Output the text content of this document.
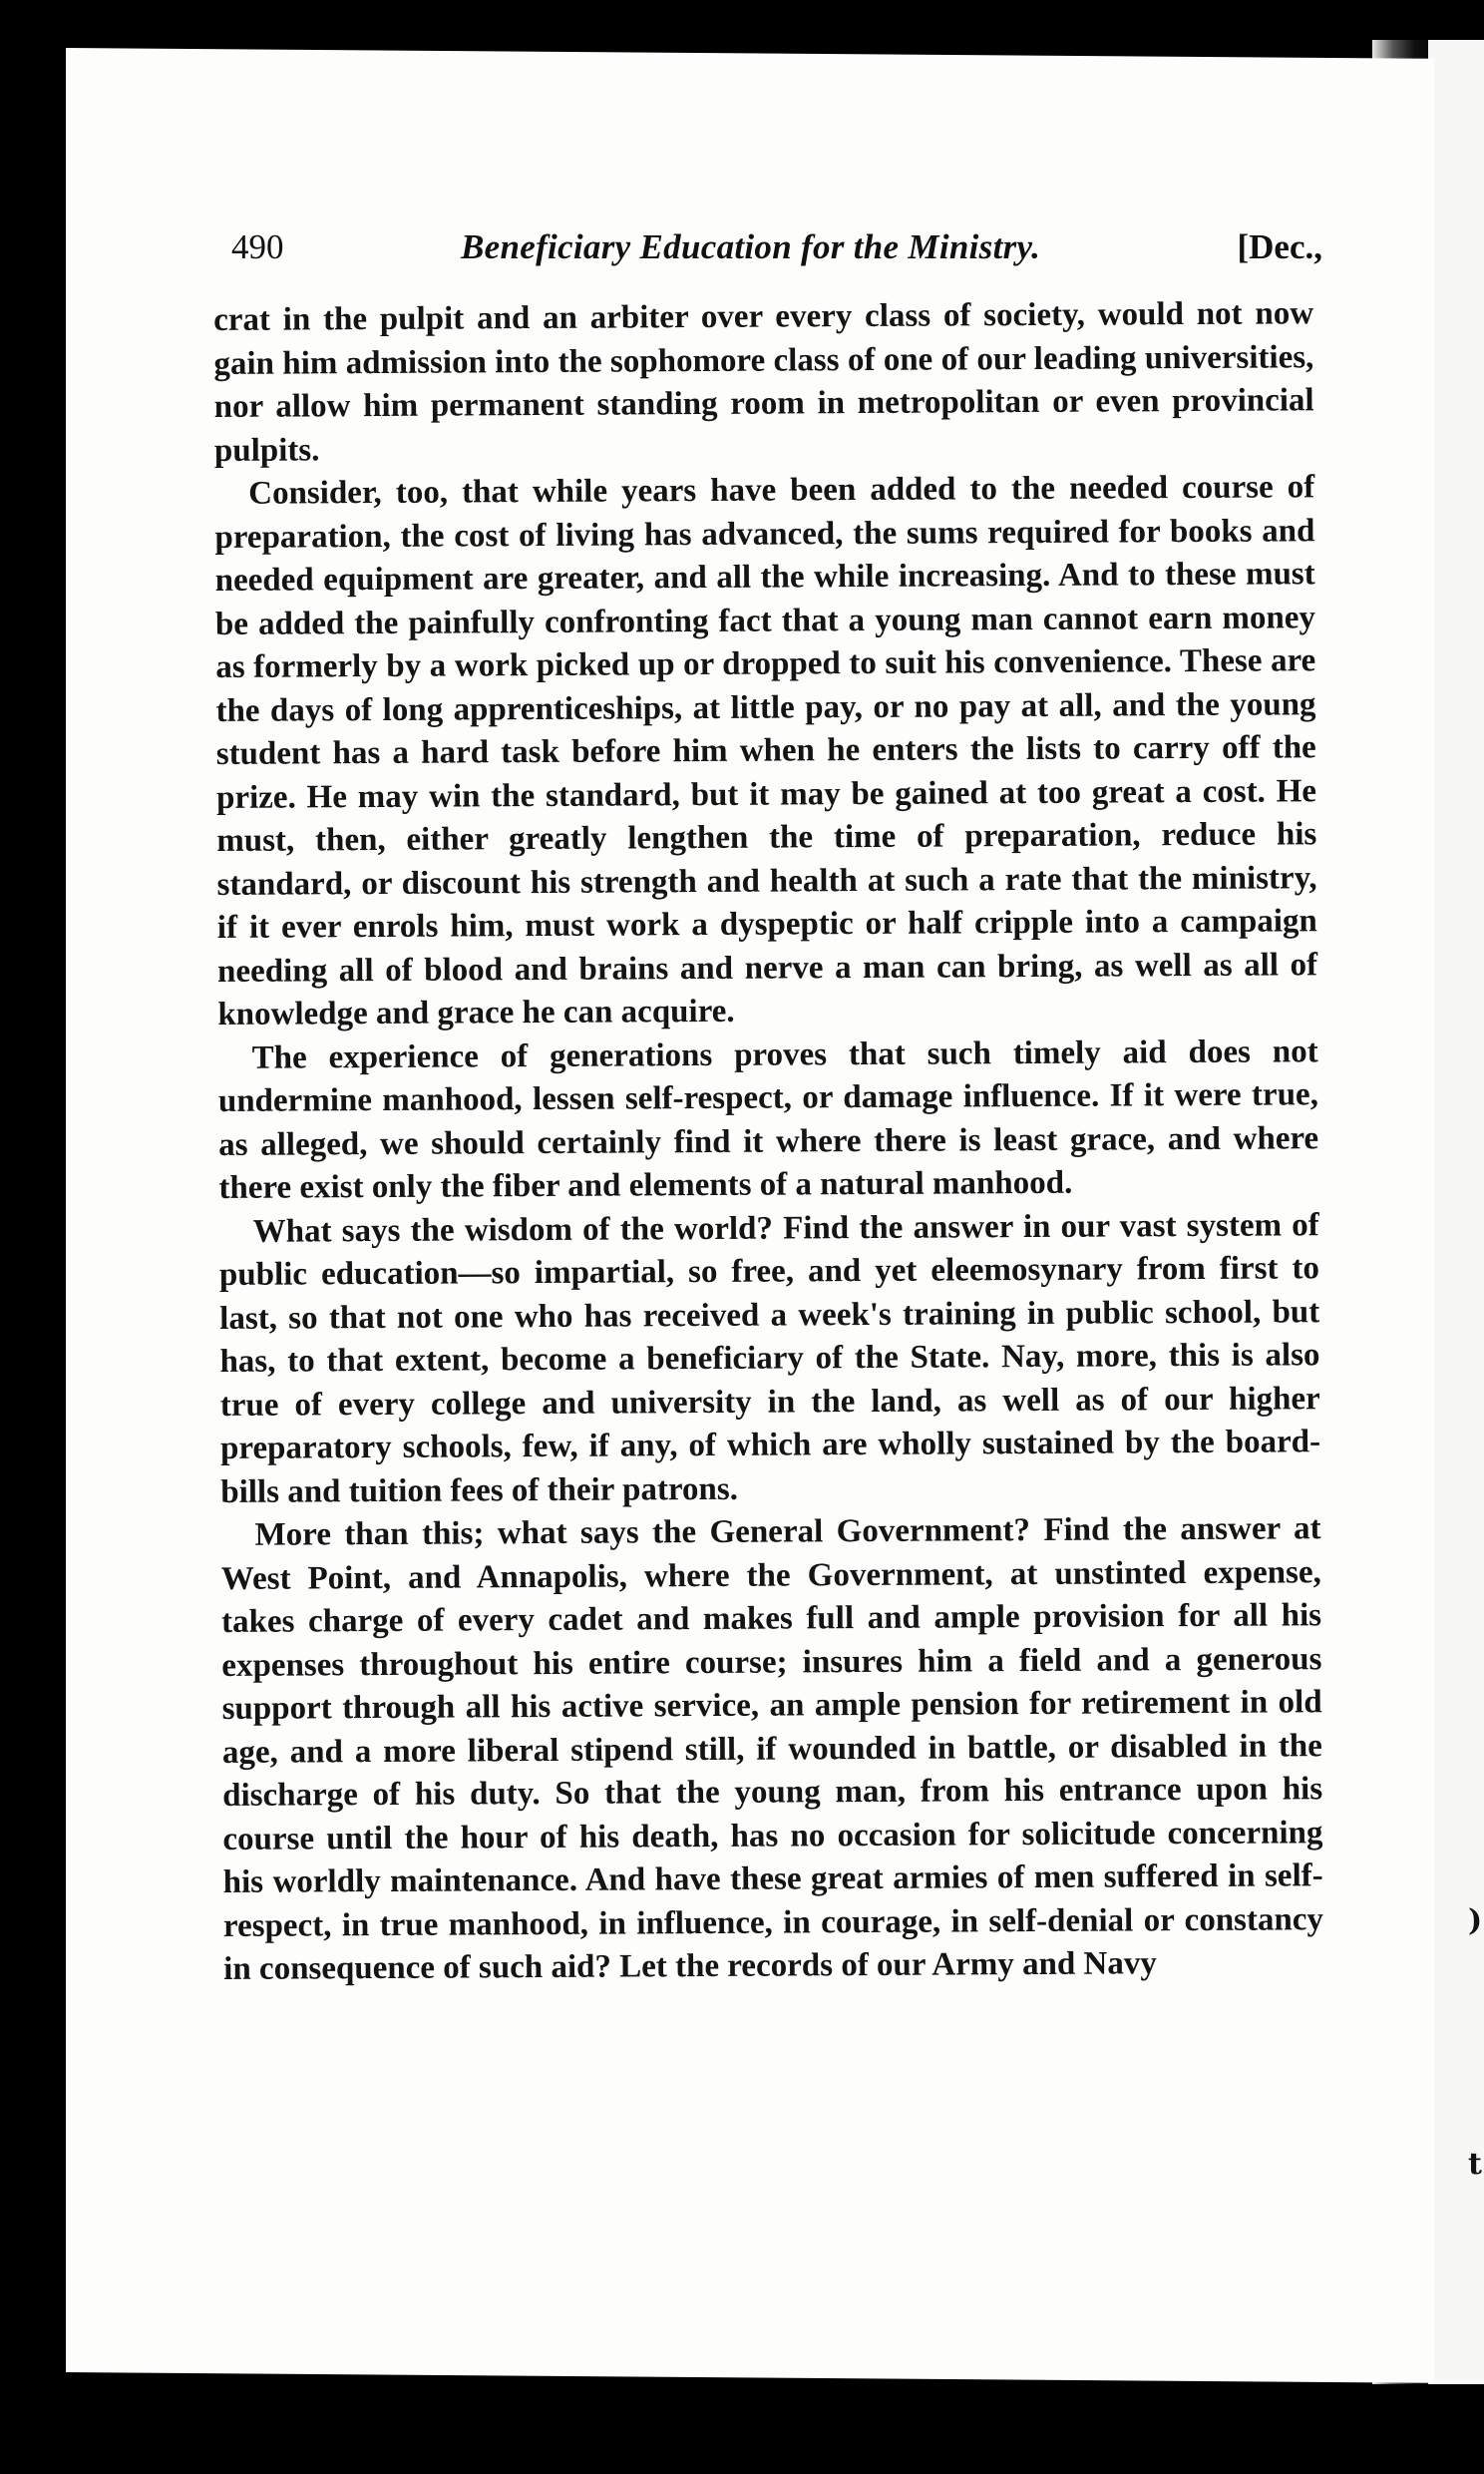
)
t
490	Beneficiary Education for the Ministry.	[Dec.,

crat in the pulpit and an arbiter over every class of society, would not now gain him admission into the sophomore class of one of our leading universities, nor allow him permanent standing room in metropolitan or even provincial pulpits.

Consider, too, that while years have been added to the needed course of preparation, the cost of living has advanced, the sums required for books and needed equipment are greater, and all the while increasing. And to these must be added the painfully confronting fact that a young man cannot earn money as formerly by a work picked up or dropped to suit his convenience. These are the days of long apprenticeships, at little pay, or no pay at all, and the young student has a hard task before him when he enters the lists to carry off the prize. He may win the standard, but it may be gained at too great a cost. He must, then, either greatly lengthen the time of preparation, reduce his standard, or discount his strength and health at such a rate that the ministry, if it ever enrols him, must work a dyspeptic or half cripple into a campaign needing all of blood and brains and nerve a man can bring, as well as all of knowledge and grace he can acquire.

The experience of generations proves that such timely aid does not undermine manhood, lessen self-respect, or damage influence. If it were true, as alleged, we should certainly find it where there is least grace, and where there exist only the fiber and elements of a natural manhood.

What says the wisdom of the world? Find the answer in our vast system of public education—so impartial, so free, and yet eleemosynary from first to last, so that not one who has received a week's training in public school, but has, to that extent, become a beneficiary of the State. Nay, more, this is also true of every college and university in the land, as well as of our higher preparatory schools, few, if any, of which are wholly sustained by the board-bills and tuition fees of their patrons.

More than this; what says the General Government? Find the answer at West Point, and Annapolis, where the Government, at unstinted expense, takes charge of every cadet and makes full and ample provision for all his expenses throughout his entire course; insures him a field and a generous support through all his active service, an ample pension for retirement in old age, and a more liberal stipend still, if wounded in battle, or disabled in the discharge of his duty. So that the young man, from his entrance upon his course until the hour of his death, has no occasion for solicitude concerning his worldly maintenance. And have these great armies of men suffered in self-respect, in true manhood, in influence, in courage, in self-denial or constancy in consequence of such aid? Let the records of our Army and Navy
